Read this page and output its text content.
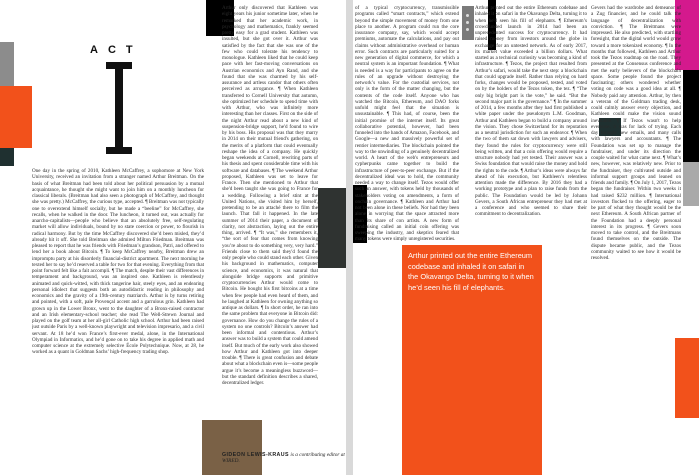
ACT

One day in the spring of 2010, Kathleen McCaffrey, a sophomore at New York University, received an invitation from a stranger named Arthur Breitman. On the basis of what Breitman had been told about her political persuasion by a mutual acquaintance, he thought she might want to join him on a monthly luncheon for classical liberals. (Breitman had also seen a photograph of McCaffrey, and thought she was pretty.) McCaffrey, the curious type, accepted. ¶ Breitman was not typically one to overextend himself socially, but he made a “beeline” for McCaffrey, she recalls, when he walked in the door. The luncheon, it turned out, was actually for anarcho-capitalists—people who believe that an absolutely free, self-regulating market will allow individuals, bound by no state coercion or power, to flourish in radical harmony. But by the time McCaffrey discovered she’d been misled, they’d already hit it off. She told Breitman she admired Milton Friedman. Breitman was pleased to report that he was friends with Friedman’s grandson, Patri, and offered to lend her a book about Bitcoin. ¶ To keep McCaffrey nearby, Breitman drew an impromptu party at his disorderly financial-district apartment. The next morning he texted her to say he’d reserved a table for two for that evening. Everything from that point forward felt like a fait accompli. ¶ The match, despite their vast differences in temperament and background, was an inspired one. Kathleen is relentlessly animated and quick-witted, with thick tangerine hair, steely eyes, and an endearing personal idiolect that suggests both an autodidactic reading in philosophy and economics and the gravity of a 19th-century matriarch. Arthur is by turns retiring and pointed, with a soft, pale Provençal accent and a garrulous grin. Kathleen had grown up in the Lower Bronx, went to the daughter of a Bronx-raised contractor and an Irish elementary-school teacher; she read The Well-Strewn Journal and played on the golf team at her all-girl Catholic high school. Arthur had been raised just outside Paris by a well-known playwright and television impresario, and a civil servant. At 18 he’d won France’s first-ever medal, alone, in the International Olympiad in Informatics, and he’d gone on to take his degree in applied math and computer science at the extremely selective École Polytechnique. Now, at 28, he worked as a quant in Goldman Sachs’ high-frequency trading shop.

Arthur only discovered that Kathleen was eight years his junior sometime later, when he remarked that her academic work, in psychology and mathematics, frankly seemed pretty easy for a grad student. Kathleen was insulted, but she got over it. Arthur was satisfied by the fact that she was one of the few who could tolerate his tendency to monologue. Kathleen liked that he could keep pace with her fast-moving conversations on Austrian economics and Ayn Rand, and she found that she was charmed by his self-assurance and artless candor that others often perceived as arrogance. ¶ When Kathleen transferred to Cornell University that autumn, she optimized her schedule to spend time with with Arthur, who was infinitely more interesting than her classes. First on the side of the night Arthur read about a new kind of suspension-bridge support, he'd found to wire by his boss. His proposal was that they marry in 2014 on their mutual friend's gathering, on the merits of a platform that could eventually reshape the idea of a company. He quickly began weekends at Cornell, rewriting parts of his thesis and spent considerable time with his software and databases. ¶ The weekend Arthur proposed, Kathleen was set to leave for France. Then she mentioned to Arthur that she'd been taught she was going to France for a wedding. Following a brief stint at the United Nations, she visited him by herself, pretending to be an attaché there to film the launch. That fall it happened. In the late summer of 2014 their paper, a document of clarity, not abstraction, laying out the entire thing, arrived. ¶ “It was,” she remembers it, “the sort of fear that comes from knowing you’re about to do something very, very hard.” Friends close to them said they'd found the only people who could stand each other. Given his background in mathematics, computer science, and economics, it was natural that alongside bridge supports and primitive cryptocurrencies Arthur would come to Bitcoin. He bought his first bitcoins at a time when few people had even heard of them, and he laughed at Kathleen for owning anything so antique as dollars. ¶ In short order, he ran into the same problem that everyone in Bitcoin did: governance. How do you change the rules of a system no one controls? Bitcoin’s answer had been informal and contentious. Arthur’s answer was to build a system that could amend itself. But much of the early work also showed how Arthur and Kathleen got into deeper trouble. ¶ There is great confusion and debate about what a blockchain even is—some people argue it’s become a meaningless buzzword—but the standard definition describes a shared, decentralized ledger.

GIDEON LEWIS-KRAUS is a contributing editor at WIRED.

of a typical cryptocurrency, transmissible programs called “smart contracts,” which extend beyond the simple movement of money from one place to another. A program could run the core insurance company, say, which would accept premiums, automate the calculations, and pay out claims without administrative overhead or human error. Such contracts are particularly suited for a new generation of digital commerce, for which a neutral system is an important foundation. ¶ What is needed is a way for participants to agree on the rules of an upgrade without destroying the network’s value. For the custodial services, not only is the form of the matter changing, but the contents of the code itself. Anyone who has watched the Bitcoin, Ethereum, and DAO forks unfold might feel that the situation is unsustainable. ¶ This had, of course, been the initial promise of the internet itself. Its great collaborative potential, however, had been funneled into the hands of Amazon, Facebook, and Google—a new and massively powerful set of rentier intermediaries. The blockchain pointed the way to the unwinding of a genuinely decentralized world. A heart of the web's entrepreneurs and cypherpunks came together to build the infrastructure of peer-to-peer exchange. But if the decentralized ideal was to hold, the community needed a way to change itself. Tezos would offer such an answer, with tokens held by thousands of stakeholders voting on amendments, a form of onchain governance. ¶ Kathleen and Arthur had not been alone in these beliefs. Nor had they been alone in worrying that the space attracted more than its share of con artists. A new form of fundraising called an initial coin offering was sweeping the industry, and skeptics feared that many tokens were simply unregistered securities.

Arthur printed out the entire Ethereum codebase and inhaled it on safari in the Okavango Delta, turning it to when he'd seen his fill of elephants. ¶ Ethereum’s crowdfunded launch in 2014 had been an unprecedented success for cryptocurrency. It had raised money from investors around the globe in exchange for an untested network. As of early 2017, its market value exceeded a billion dollars. What started as a technical curiosity was becoming a kind of infrastructure. ¶ Tezos, the project that resulted from Arthur’s safari, would take the next step: a blockchain that could upgrade itself. Rather than relying on hard forks, changes would be proposed, tested, and voted on by the holders of the Tezos token, the tez. ¶ “The only big bright part is the vote,” he said. “But the second major part is the governance.” ¶ In the summer of 2014, a few months after they had first published a white paper under the pseudonym L.M. Goodman, Arthur and Kathleen began to build a company around the vision. They chose Switzerland for its reputation as a neutral jurisdiction for such an endeavor. ¶ When the two of them sat down with lawyers and advisers, they found the rules for cryptocurrency were still being written, and that a coin offering would require a structure nobody had yet tested. Their answer was a Swiss foundation that would raise the money and hold the rights to the code. ¶ Arthur’s ideas were always far ahead of his execution, but Kathleen’s relentless attention made the difference. By 2016 they had a working prototype and a plan to raise funds from the public. The Foundation would be led by Johann Gevers, a South African entrepreneur they had met at a conference and who seemed to share their commitment to decentralization.

Gevers had the wardrobe and demeanor of a Zug financier, and he could talk the language of decentralization with conviction. ¶ The Breitmans were impressed. He also predicted, with startling foresight, that the digital world would grow toward a more tokenized economy. ¶ In the months that followed, Kathleen and Arthur took the Tezos roadmap on the road. They presented at the Consensus conference and met the early believers of the blockchain space. Some people found the project fascinating; others wondered whether voting on code was a good idea at all. ¶ Nobody paid any attention. Arthur, by then a veteran of the Goldman trading desk, could calmly answer every objection, and Kathleen could make the vision sound inevitable. ¶ If Tezos wasn't to help everyone, it was for lack of trying. Each day brought new emails, and many calls with lawyers and accountants. ¶ The Foundation was set up to manage the fundraiser, and under its direction the couple waited for what came next. ¶ What’s new, however, was relatively new. Prior to the fundraiser, they cultivated outside and informal support groups and leaned on friends and family. ¶ On July 1, 2017, Tezos began the fundraiser. Within two weeks it had raised $232 million. ¶ International investors flocked to the offering, eager to be part of what they thought would be the next Ethereum. A South African partner of the Foundation had a deeply personal interest in its progress. ¶ Gevers soon moved to take control, and the Breitmans found themselves on the outside. The dispute became public, and the Tezos community waited to see how it would be resolved.

Arthur printed out the entire Ethereum codebase and inhaled it on safari in the Okavango Delta, turning to it when he’d seen his fill of elephants.
